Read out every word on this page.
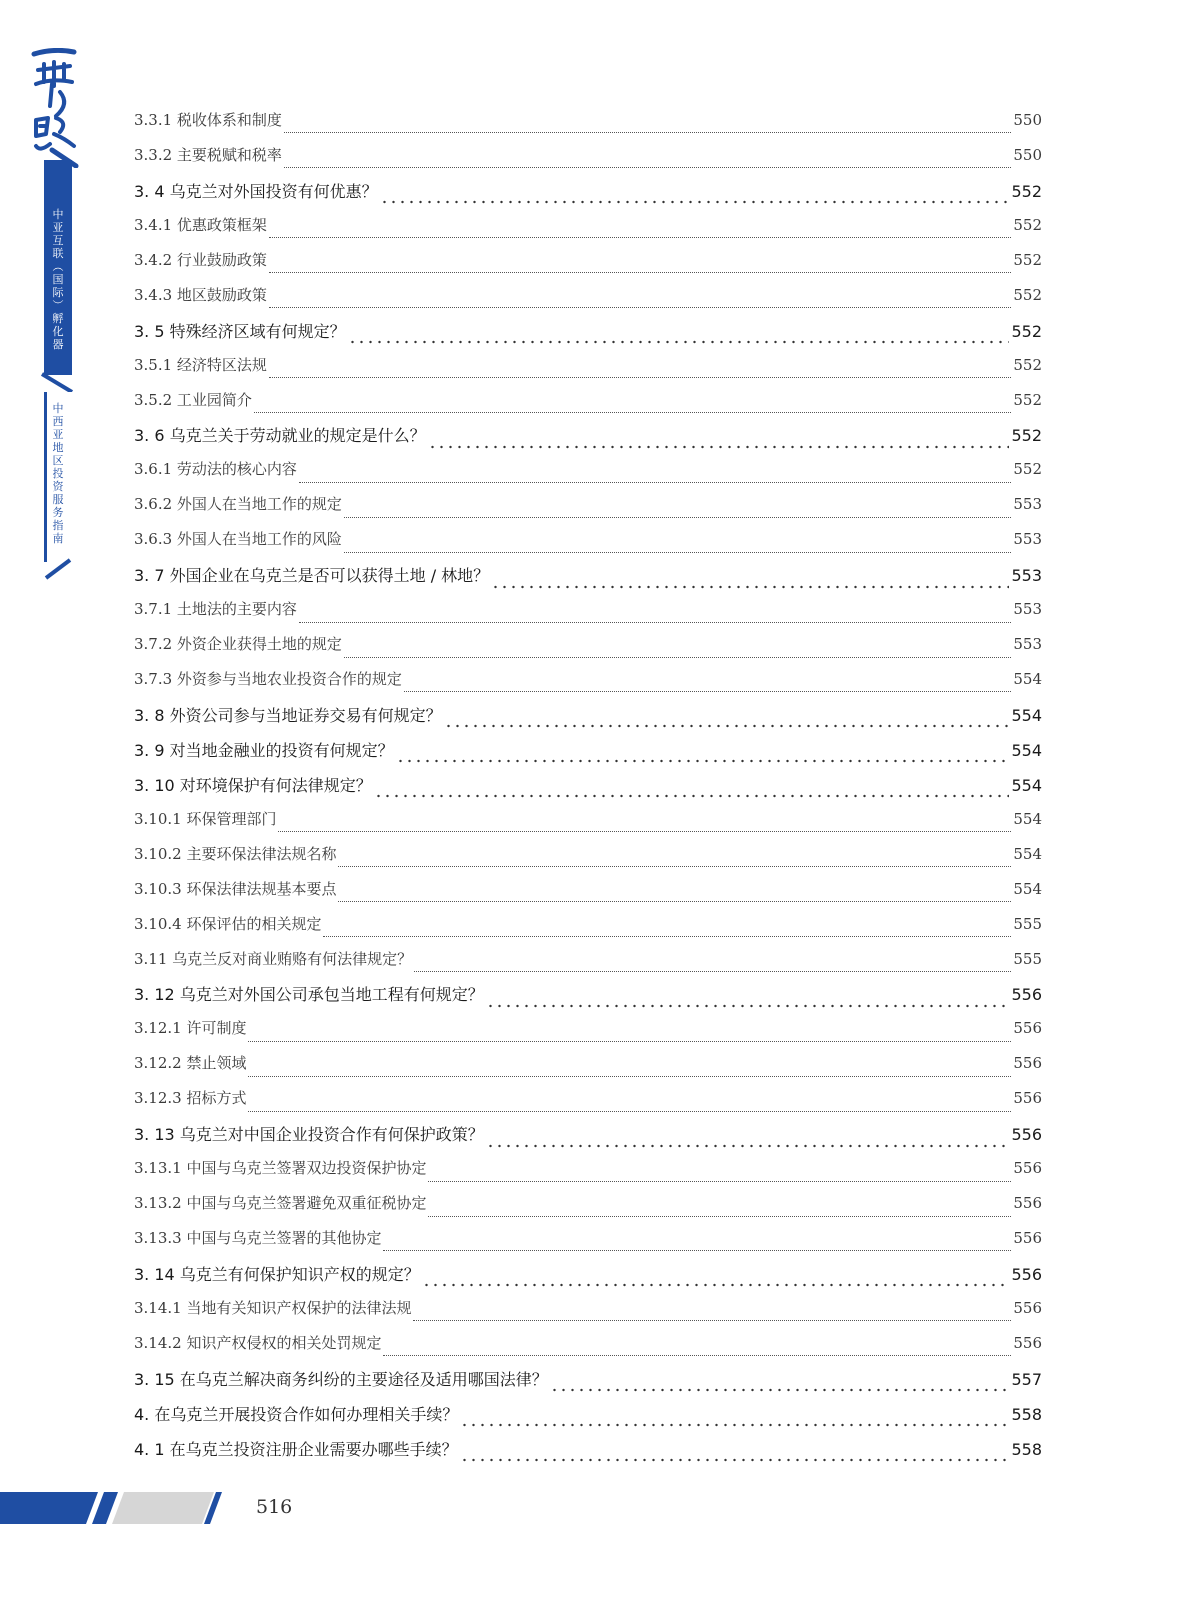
中
亚
互
联
︵
国
际
︶
孵
化
器
中
西
亚
地
区
投
资
服
务
指
南
3.3.1 税收体系和制度	550
3.3.2 主要税赋和税率	550
3. 4 乌克兰对外国投资有何优惠？	552
3.4.1 优惠政策框架	552
3.4.2 行业鼓励政策	552
3.4.3 地区鼓励政策	552
3. 5 特殊经济区域有何规定？	552
3.5.1 经济特区法规	552
3.5.2 工业园简介	552
3. 6 乌克兰关于劳动就业的规定是什么？	552
3.6.1 劳动法的核心内容	552
3.6.2 外国人在当地工作的规定	553
3.6.3 外国人在当地工作的风险	553
3. 7 外国企业在乌克兰是否可以获得土地 / 林地？	553
3.7.1 土地法的主要内容	553
3.7.2 外资企业获得土地的规定	553
3.7.3 外资参与当地农业投资合作的规定	554
3. 8 外资公司参与当地证券交易有何规定？	554
3. 9 对当地金融业的投资有何规定？	554
3. 10 对环境保护有何法律规定？	554
3.10.1 环保管理部门	554
3.10.2 主要环保法律法规名称	554
3.10.3 环保法律法规基本要点	554
3.10.4 环保评估的相关规定	555
3.11 乌克兰反对商业贿赂有何法律规定？	555
3. 12 乌克兰对外国公司承包当地工程有何规定？	556
3.12.1 许可制度	556
3.12.2 禁止领域	556
3.12.3 招标方式	556
3. 13 乌克兰对中国企业投资合作有何保护政策？	556
3.13.1 中国与乌克兰签署双边投资保护协定	556
3.13.2 中国与乌克兰签署避免双重征税协定	556
3.13.3 中国与乌克兰签署的其他协定	556
3. 14 乌克兰有何保护知识产权的规定？	556
3.14.1 当地有关知识产权保护的法律法规	556
3.14.2 知识产权侵权的相关处罚规定	556
3. 15 在乌克兰解决商务纠纷的主要途径及适用哪国法律？	557
4. 在乌克兰开展投资合作如何办理相关手续？	558
4. 1 在乌克兰投资注册企业需要办哪些手续？	558
516
